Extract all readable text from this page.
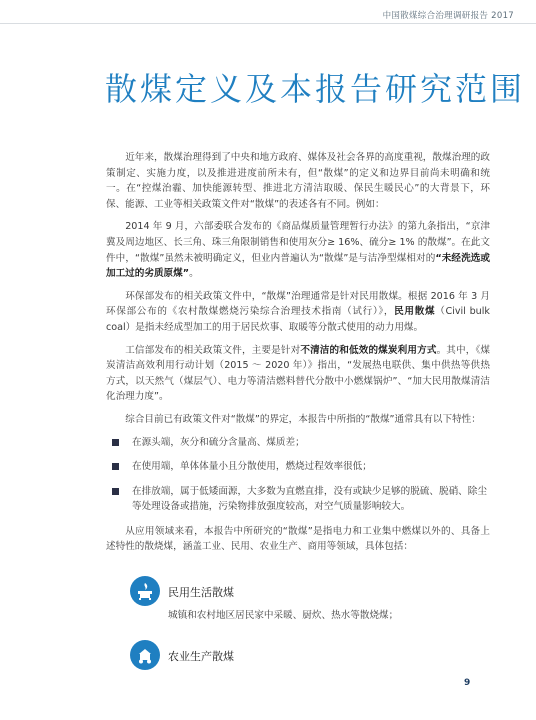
中国散煤综合治理调研报告 2017
散煤定义及本报告研究范围

近年来，散煤治理得到了中央和地方政府、媒体及社会各界的高度重视，散煤治理的政策制定、实施力度，以及推进进度前所未有，但“散煤”的定义和边界目前尚未明确和统一。在“控煤治霾、加快能源转型、推进北方清洁取暖、保民生暖民心”的大背景下，环保、能源、工业等相关政策文件对“散煤”的表述各有不同。例如：

2014 年 9 月，六部委联合发布的《商品煤质量管理暂行办法》的第九条指出，“京津冀及周边地区、长三角、珠三角限制销售和使用灰分≥ 16%、硫分≥ 1% 的散煤”。在此文件中，“散煤”虽然未被明确定义，但业内普遍认为“散煤”是与洁净型煤相对的“未经洗选或加工过的劣质原煤”。

环保部发布的相关政策文件中，“散煤”治理通常是针对民用散煤。根据 2016 年 3 月环保部公布的《农村散煤燃烧污染综合治理技术指南（试行）》，民用散煤（Civil bulk coal）是指未经成型加工的用于居民炊事、取暖等分散式使用的动力用煤。

工信部发布的相关政策文件，主要是针对不清洁的和低效的煤炭利用方式。其中，《煤炭清洁高效利用行动计划（2015 ～ 2020 年）》指出，“发展热电联供、集中供热等供热方式，以天然气（煤层气）、电力等清洁燃料替代分散中小燃煤锅炉”、“加大民用散煤清洁化治理力度”。

综合目前已有政策文件对“散煤”的界定，本报告中所指的“散煤”通常具有以下特性：

在源头端，灰分和硫分含量高、煤质差；
在使用端，单体体量小且分散使用，燃烧过程效率很低；
在排放端，属于低矮面源，大多数为直燃直排，没有或缺少足够的脱硫、脱硝、除尘等处理设备或措施，污染物排放强度较高，对空气质量影响较大。

从应用领域来看，本报告中所研究的“散煤”是指电力和工业集中燃煤以外的、具备上述特性的散烧煤，涵盖工业、民用、农业生产、商用等领域，具体包括：

民用生活散煤
城镇和农村地区居民家中采暖、厨炊、热水等散烧煤；
农业生产散煤
9
